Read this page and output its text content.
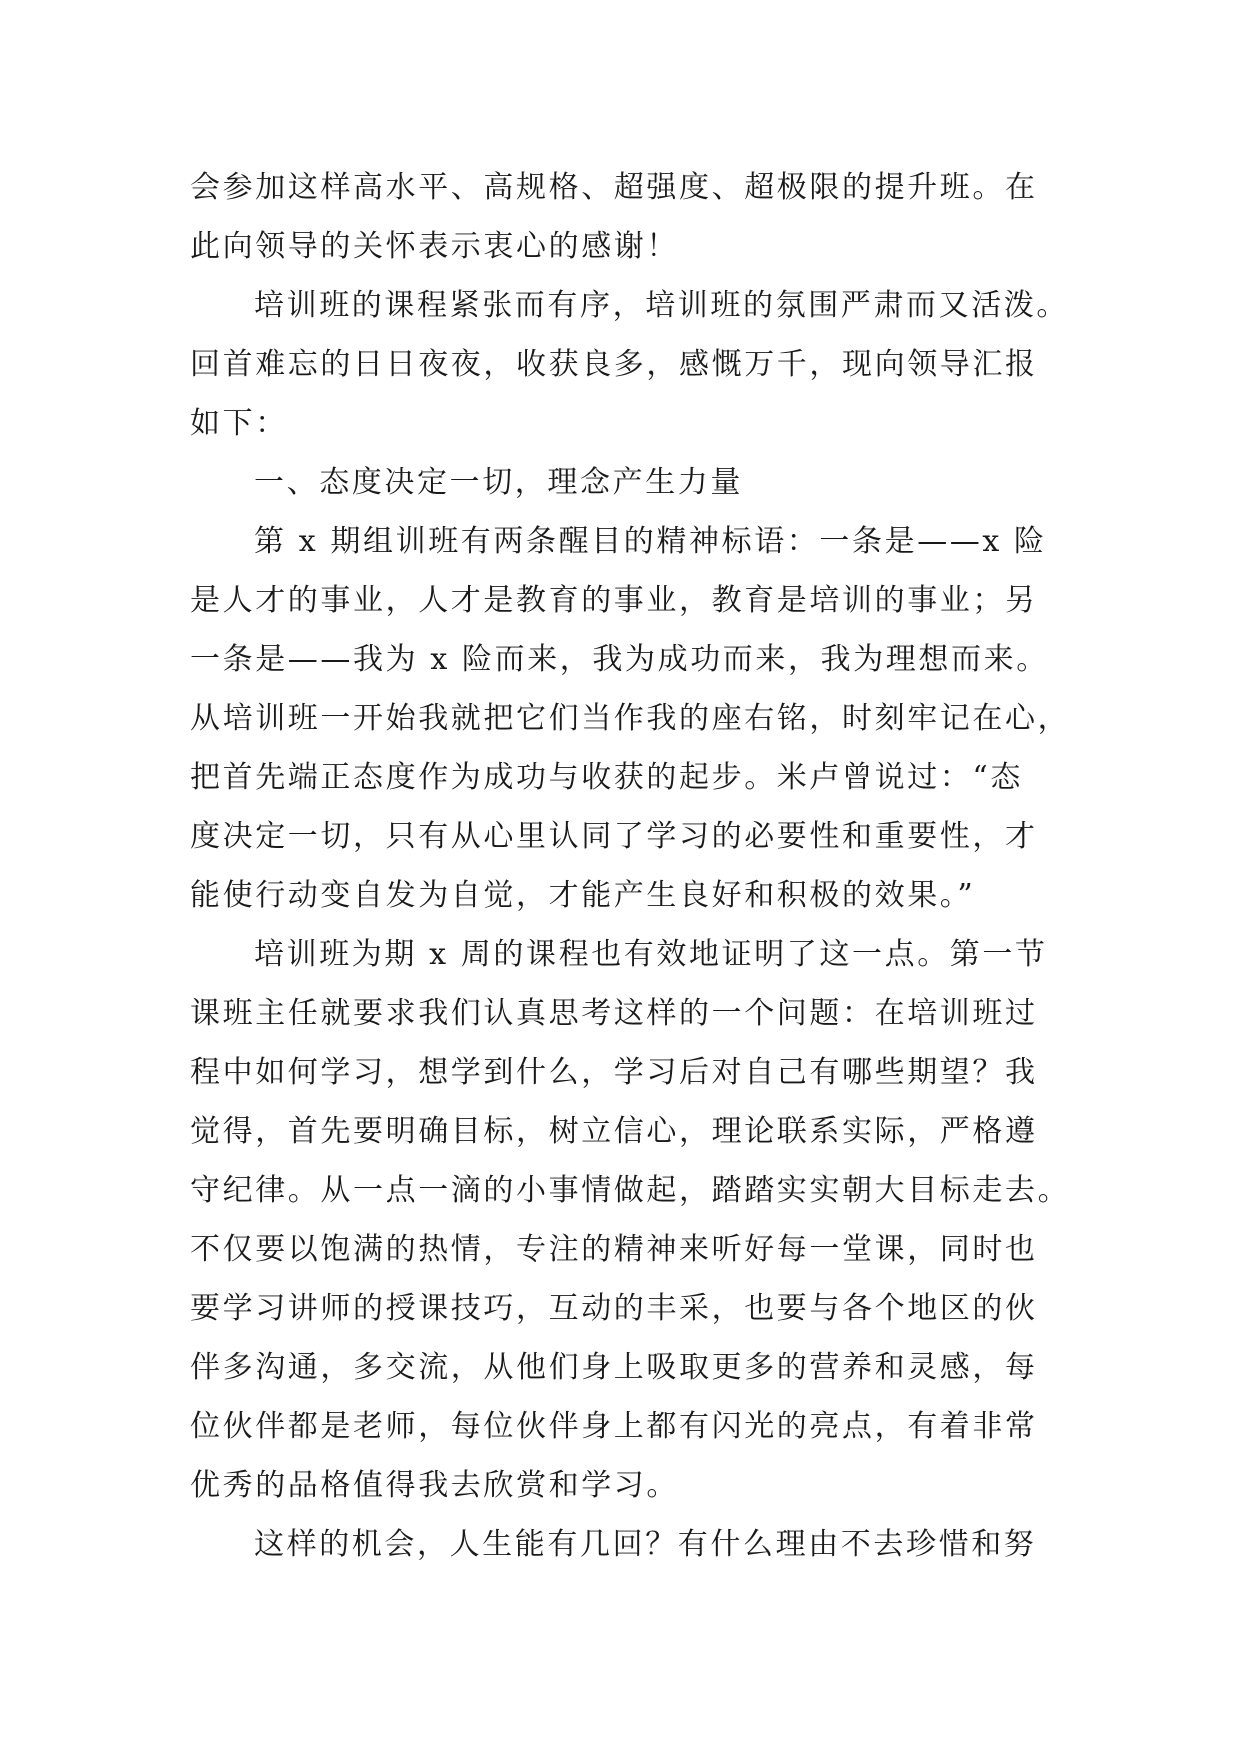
会参加这样高水平、高规格、超强度、超极限的提升班。在
此向领导的关怀表示衷心的感谢！
培训班的课程紧张而有序，培训班的氛围严肃而又活泼。
回首难忘的日日夜夜，收获良多，感慨万千，现向领导汇报
如下：
一、态度决定一切，理念产生力量
第 x 期组训班有两条醒目的精神标语：一条是——x 险
是人才的事业，人才是教育的事业，教育是培训的事业；另
一条是——我为 x 险而来，我为成功而来，我为理想而来。
从培训班一开始我就把它们当作我的座右铭，时刻牢记在心，
把首先端正态度作为成功与收获的起步。米卢曾说过：“态
度决定一切，只有从心里认同了学习的必要性和重要性，才
能使行动变自发为自觉，才能产生良好和积极的效果。”
培训班为期 x 周的课程也有效地证明了这一点。第一节
课班主任就要求我们认真思考这样的一个问题：在培训班过
程中如何学习，想学到什么，学习后对自己有哪些期望？我
觉得，首先要明确目标，树立信心，理论联系实际，严格遵
守纪律。从一点一滴的小事情做起，踏踏实实朝大目标走去。
不仅要以饱满的热情，专注的精神来听好每一堂课，同时也
要学习讲师的授课技巧，互动的丰采，也要与各个地区的伙
伴多沟通，多交流，从他们身上吸取更多的营养和灵感，每
位伙伴都是老师，每位伙伴身上都有闪光的亮点，有着非常
优秀的品格值得我去欣赏和学习。
这样的机会，人生能有几回？有什么理由不去珍惜和努
